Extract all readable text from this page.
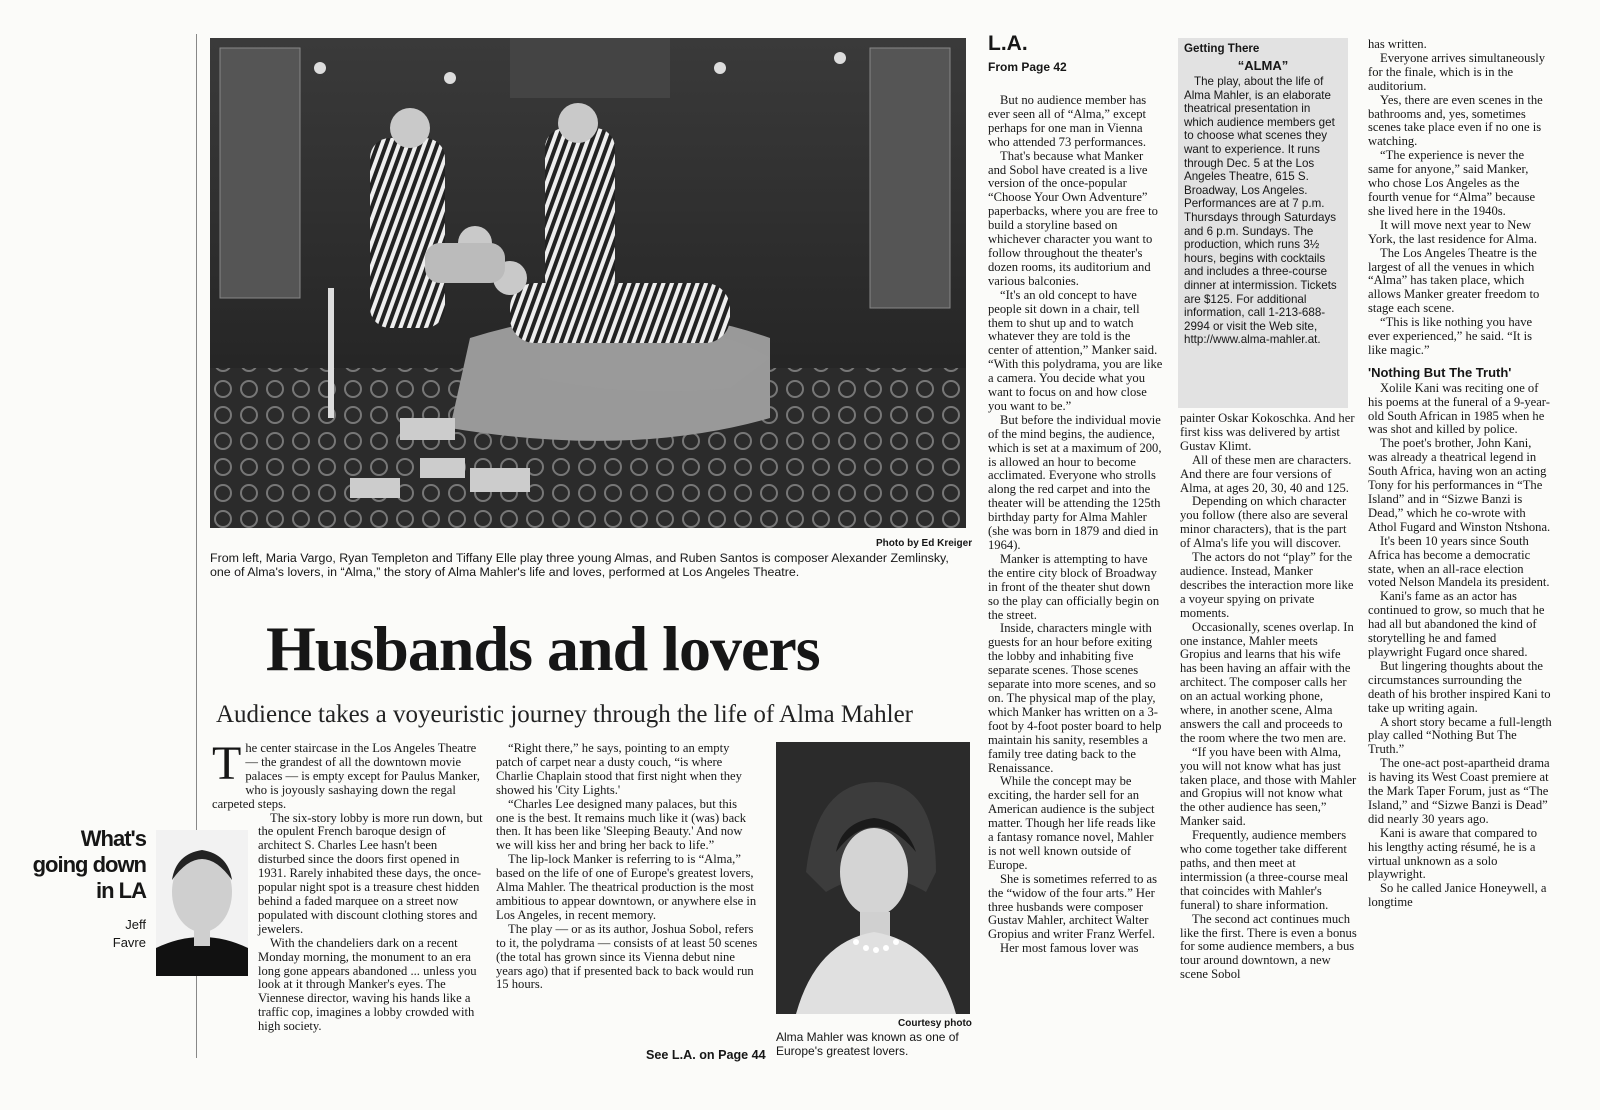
Photo by Ed Kreiger
From left, Maria Vargo, Ryan Templeton and Tiffany Elle play three young Almas, and Ruben Santos is composer Alexander Zemlinsky, one of Alma's lovers, in “Alma,” the story of Alma Mahler's life and loves, performed at Los Angeles Theatre.
Husbands and lovers
Audience takes a voyeuristic journey through the life of Alma Mahler
What's
going down
in LA
Jeff
Favre

The center staircase in the Los Angeles Theatre — the grandest of all the downtown movie palaces — is empty except for Paulus Manker, who is joyously sashaying down the regal carpeted steps.

The six-story lobby is more run down, but the opulent French baroque design of architect S. Charles Lee hasn't been disturbed since the doors first opened in 1931. Rarely inhabited these days, the once-popular night spot is a treasure chest hidden behind a faded marquee on a street now populated with discount clothing stores and jewelers.

With the chandeliers dark on a recent Monday morning, the monument to an era long gone appears abandoned ... unless you look at it through Manker's eyes. The Viennese director, waving his hands like a traffic cop, imagines a lobby crowded with high society.

“Right there,” he says, pointing to an empty patch of carpet near a dusty couch, “is where Charlie Chaplain stood that first night when they showed his 'City Lights.'

“Charles Lee designed many palaces, but this one is the best. It remains much like it (was) back then. It has been like 'Sleeping Beauty.' And now we will kiss her and bring her back to life.”

The lip-lock Manker is referring to is “Alma,” based on the life of one of Europe's greatest lovers, Alma Mahler. The theatrical production is the most ambitious to appear downtown, or anywhere else in Los Angeles, in recent memory.

The play — or as its author, Joshua Sobol, refers to it, the polydrama — consists of at least 50 scenes (the total has grown since its Vienna debut nine years ago) that if presented back to back would run 15 hours.

See L.A. on Page 44
Courtesy photo
Alma Mahler was known as one of Europe's greatest lovers.
L.A.
From Page 42

But no audience member has ever seen all of “Alma,” except perhaps for one man in Vienna who attended 73 performances.

That's because what Manker and Sobol have created is a live version of the once-popular “Choose Your Own Adventure” paperbacks, where you are free to build a storyline based on whichever character you want to follow throughout the theater's dozen rooms, its auditorium and various balconies.

“It's an old concept to have people sit down in a chair, tell them to shut up and to watch whatever they are told is the center of attention,” Manker said. “With this polydrama, you are like a camera. You decide what you want to focus on and how close you want to be.”

But before the individual movie of the mind begins, the audience, which is set at a maximum of 200, is allowed an hour to become acclimated. Everyone who strolls along the red carpet and into the theater will be attending the 125th birthday party for Alma Mahler (she was born in 1879 and died in 1964).

Manker is attempting to have the entire city block of Broadway in front of the theater shut down so the play can officially begin on the street.

Inside, characters mingle with guests for an hour before exiting the lobby and inhabiting five separate scenes. Those scenes separate into more scenes, and so on. The physical map of the play, which Manker has written on a 3-foot by 4-foot poster board to help maintain his sanity, resembles a family tree dating back to the Renaissance.

While the concept may be exciting, the harder sell for an American audience is the subject matter. Though her life reads like a fantasy romance novel, Mahler is not well known outside of Europe.

She is sometimes referred to as the “widow of the four arts.” Her three husbands were composer Gustav Mahler, architect Walter Gropius and writer Franz Werfel.

Her most famous lover was

Getting There
“ALMA”
The play, about the life of Alma Mahler, is an elaborate theatrical presentation in which audience members get to choose what scenes they want to experience. It runs through Dec. 5 at the Los Angeles Theatre, 615 S. Broadway, Los Angeles. Performances are at 7 p.m. Thursdays through Saturdays and 6 p.m. Sundays. The production, which runs 3½ hours, begins with cocktails and includes a three-course dinner at intermission. Tickets are $125. For additional information, call 1-213-688-2994 or visit the Web site, http://www.alma-mahler.at.

painter Oskar Kokoschka. And her first kiss was delivered by artist Gustav Klimt.

All of these men are characters. And there are four versions of Alma, at ages 20, 30, 40 and 125.

Depending on which character you follow (there also are several minor characters), that is the part of Alma's life you will discover.

The actors do not “play” for the audience. Instead, Manker describes the interaction more like a voyeur spying on private moments.

Occasionally, scenes overlap. In one instance, Mahler meets Gropius and learns that his wife has been having an affair with the architect. The composer calls her on an actual working phone, where, in another scene, Alma answers the call and proceeds to the room where the two men are.

“If you have been with Alma, you will not know what has just taken place, and those with Mahler and Gropius will not know what the other audience has seen,” Manker said.

Frequently, audience members who come together take different paths, and then meet at intermission (a three-course meal that coincides with Mahler's funeral) to share information.

The second act continues much like the first. There is even a bonus for some audience members, a bus tour around downtown, a new scene Sobol

has written.

Everyone arrives simultaneously for the finale, which is in the auditorium.

Yes, there are even scenes in the bathrooms and, yes, sometimes scenes take place even if no one is watching.

“The experience is never the same for anyone,” said Manker, who chose Los Angeles as the fourth venue for “Alma” because she lived here in the 1940s.

It will move next year to New York, the last residence for Alma.

The Los Angeles Theatre is the largest of all the venues in which “Alma” has taken place, which allows Manker greater freedom to stage each scene.

“This is like nothing you have ever experienced,” he said. “It is like magic.”

'Nothing But The Truth'

Xolile Kani was reciting one of his poems at the funeral of a 9-year-old South African in 1985 when he was shot and killed by police.

The poet's brother, John Kani, was already a theatrical legend in South Africa, having won an acting Tony for his performances in “The Island” and in “Sizwe Banzi is Dead,” which he co-wrote with Athol Fugard and Winston Ntshona.

It's been 10 years since South Africa has become a democratic state, when an all-race election voted Nelson Mandela its president.

Kani's fame as an actor has continued to grow, so much that he had all but abandoned the kind of storytelling he and famed playwright Fugard once shared.

But lingering thoughts about the circumstances surrounding the death of his brother inspired Kani to take up writing again.

A short story became a full-length play called “Nothing But The Truth.”

The one-act post-apartheid drama is having its West Coast premiere at the Mark Taper Forum, just as “The Island,” and “Sizwe Banzi is Dead” did nearly 30 years ago.

Kani is aware that compared to his lengthy acting résumé, he is a virtual unknown as a solo playwright.

So he called Janice Honeywell, a longtime
